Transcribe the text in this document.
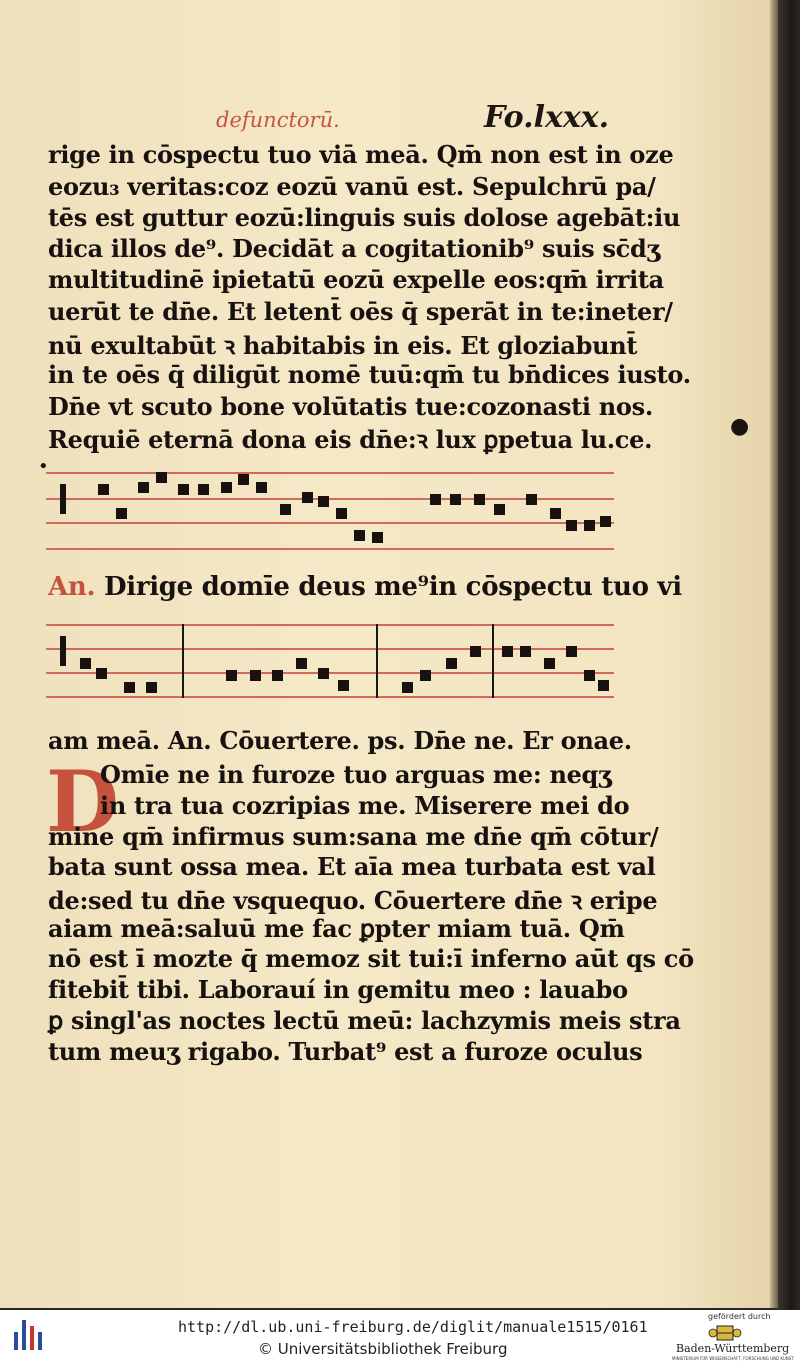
defunctorū.	Fo.lxxx.
rige in cōspectu tuo viā meā. Qm̄ non est in oze
eozu₃ veritas:coz eozū vanū est. Sepulchrū pa/
tēs est guttur eozū:linguis suis dolose agebāt:iu
dica illos de⁹. Decidāt a cogitationib⁹ suis sc̄dʒ
multitudinē ipietatū eozū expelle eos:qm̄ irrita
uerūt te dn̄e. Et letent̄ oēs q̄ sperāt in te:ineter/
nū exultabūt ꝛ habitabis in eis. Et gloziabunt̄
in te oēs q̄ diligūt nomē tuū:qm̄ tu bn̄dices iusto.
Dn̄e vt scuto bone volūtatis tue:cozonasti nos.
Requiē eternā dona eis dn̄e:ꝛ lux ꝑpetua lu.ce.
An. Dirige domīe deus me⁹in cōspectu tuo vi
am meā. An. Cōuertere. ps. Dn̄e ne. Er onae.
D
Omīe ne in furoze tuo arguas me: neqʒ
in tra tua cozripias me. Miserere mei do
mine qm̄ infirmus sum:sana me dn̄e qm̄ cōtur/
bata sunt ossa mea. Et aīa mea turbata est val
de:sed tu dn̄e vsquequo. Cōuertere dn̄e ꝛ eripe
aiam meā:saluū me fac ꝑpter miam tuā. Qm̄
nō est ī mozte q̄ memoz sit tui:ī inferno aūt qs cō
fitebit̄ tibi. Laborauí in gemitu meo : lauabo
ꝑ singl'as noctes lectū meū: lachzymis meis stra
tum meuʒ rigabo. Turbat⁹ est a furoze oculus
•
●
http://dl.ub.uni-freiburg.de/diglit/manuale1515/0161
© Universitätsbibliothek Freiburg
gefördert durch
Baden-Württemberg
MINISTERIUM FÜR WISSENSCHAFT, FORSCHUNG UND KUNST
